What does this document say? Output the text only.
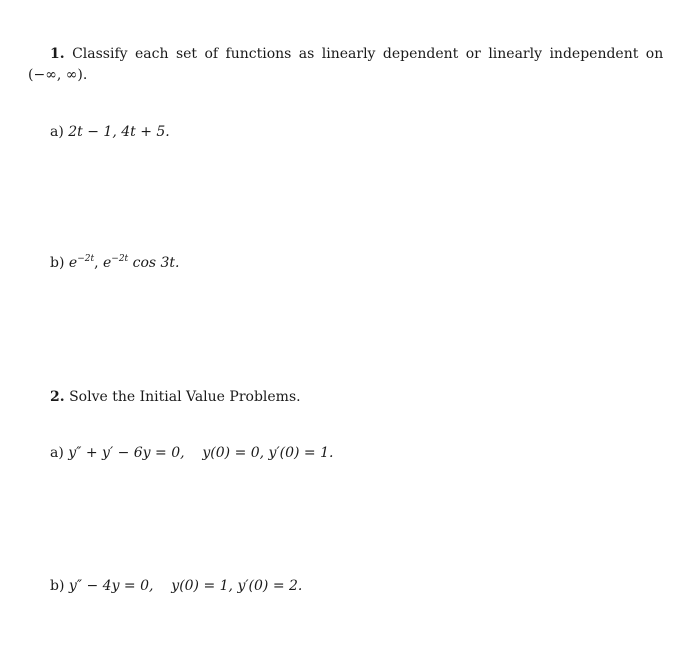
1. Classify each set of functions as linearly dependent or linearly independent on
(−∞, ∞).
a) 2t − 1, 4t + 5.
b) $e^{-2t}$, $e^{-2t}$ cos 3t.
2. Solve the Initial Value Problems.
a) y″ + y′ − 6y = 0, y(0) = 0, y′(0) = 1.
b) y″ − 4y = 0, y(0) = 1, y′(0) = 2.
